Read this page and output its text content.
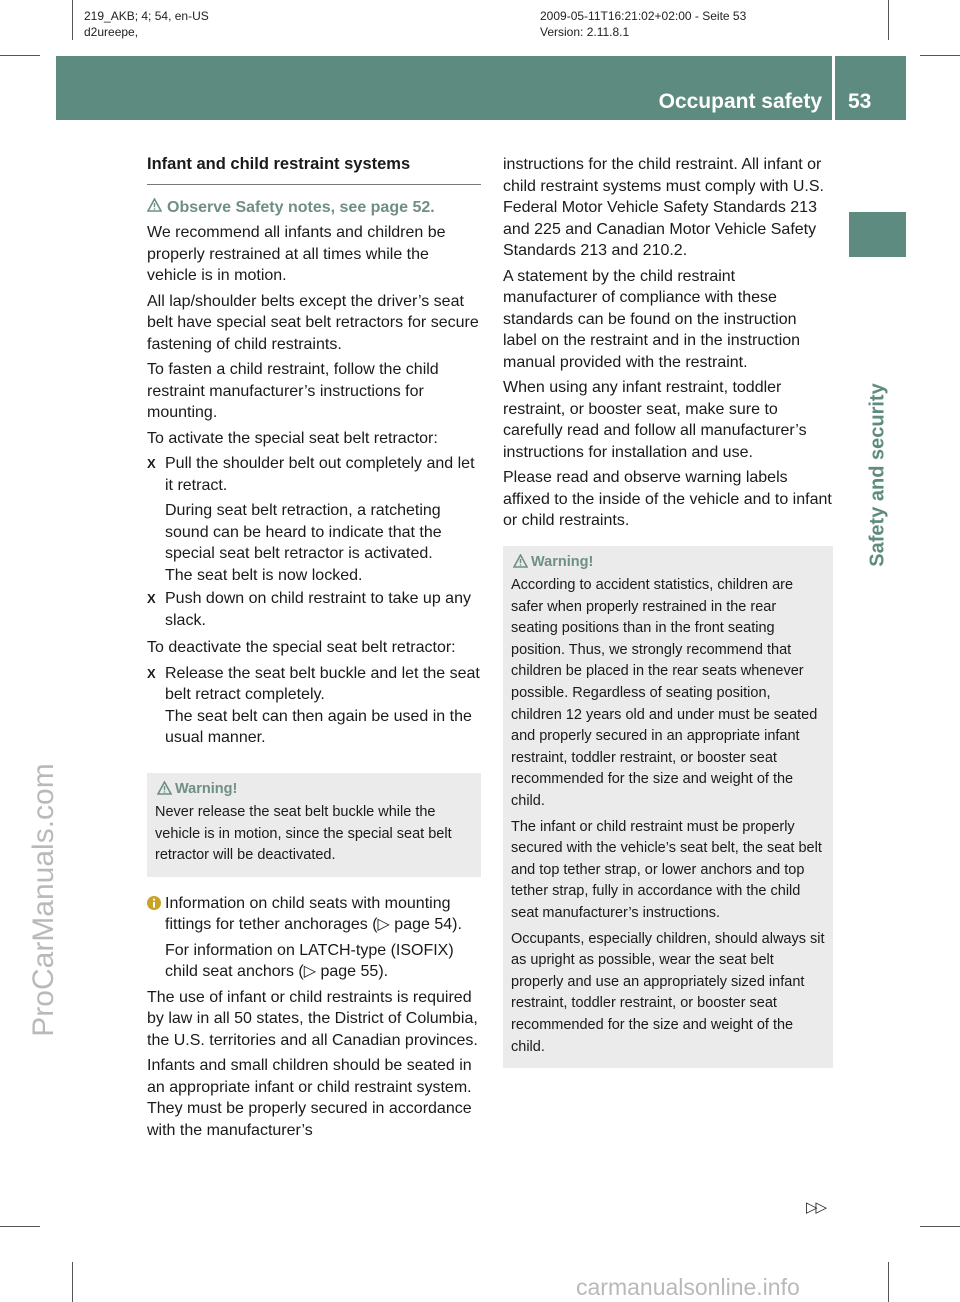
219_AKB; 4; 54, en-US
d2ureepe,
2009-05-11T16:21:02+02:00 - Seite 53
Version: 2.11.8.1
Occupant safety 53
Safety and security
ProCarManuals.com
carmanualsonline.info
Infant and child restraint systems
Observe Safety notes, see page 52.

We recommend all infants and children be properly restrained at all times while the vehicle is in motion.

All lap/shoulder belts except the driver’s seat belt have special seat belt retractors for secure fastening of child restraints.

To fasten a child restraint, follow the child restraint manufacturer’s instructions for mounting.

To activate the special seat belt retractor:

X Pull the shoulder belt out completely and let it retract.

During seat belt retraction, a ratcheting sound can be heard to indicate that the special seat belt retractor is activated.

The seat belt is now locked.

X Push down on child restraint to take up any slack.

To deactivate the special seat belt retractor:

X Release the seat belt buckle and let the seat belt retract completely.

The seat belt can then again be used in the usual manner.

Warning!

Never release the seat belt buckle while the vehicle is in motion, since the special seat belt retractor will be deactivated.

Information on child seats with mounting fittings for tether anchorages (▷ page 54).

For information on LATCH-type (ISOFIX) child seat anchors (▷ page 55).

The use of infant or child restraints is required by law in all 50 states, the District of Columbia, the U.S. territories and all Canadian provinces.

Infants and small children should be seated in an appropriate infant or child restraint system. They must be properly secured in accordance with the manufacturer’s

instructions for the child restraint. All infant or child restraint systems must comply with U.S. Federal Motor Vehicle Safety Standards 213 and 225 and Canadian Motor Vehicle Safety Standards 213 and 210.2.

A statement by the child restraint manufacturer of compliance with these standards can be found on the instruction label on the restraint and in the instruction manual provided with the restraint.

When using any infant restraint, toddler restraint, or booster seat, make sure to carefully read and follow all manufacturer’s instructions for installation and use.

Please read and observe warning labels affixed to the inside of the vehicle and to infant or child restraints.

Warning!

According to accident statistics, children are safer when properly restrained in the rear seating positions than in the front seating position. Thus, we strongly recommend that children be placed in the rear seats whenever possible. Regardless of seating position, children 12 years old and under must be seated and properly secured in an appropriate infant restraint, toddler restraint, or booster seat recommended for the size and weight of the child.

The infant or child restraint must be properly secured with the vehicle’s seat belt, the seat belt and top tether strap, or lower anchors and top tether strap, fully in accordance with the child seat manufacturer’s instructions.

Occupants, especially children, should always sit as upright as possible, wear the seat belt properly and use an appropriately sized infant restraint, toddler restraint, or booster seat recommended for the size and weight of the child.

▷▷
